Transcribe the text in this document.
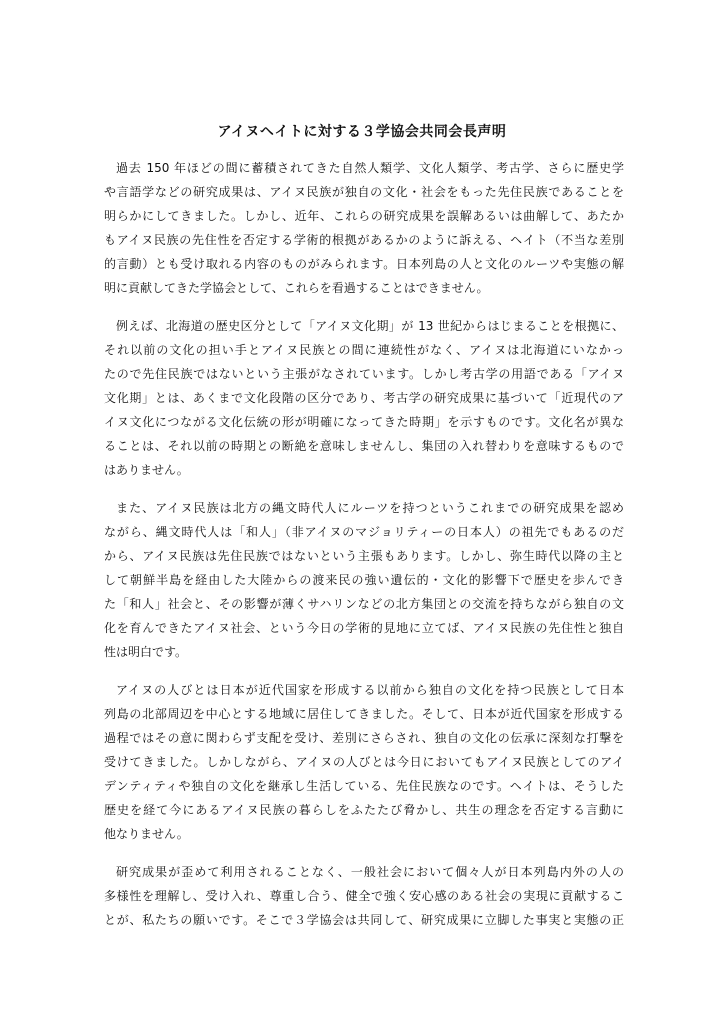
アイヌヘイトに対する３学協会共同会長声明
過去 150 年ほどの間に蓄積されてきた自然人類学、文化人類学、考古学、さらに歴史学
や言語学などの研究成果は、アイヌ民族が独自の文化・社会をもった先住民族であることを
明らかにしてきました。しかし、近年、これらの研究成果を誤解あるいは曲解して、あたか
もアイヌ民族の先住性を否定する学術的根拠があるかのように訴える、ヘイト（不当な差別
的言動）とも受け取れる内容のものがみられます。日本列島の人と文化のルーツや実態の解
明に貢献してきた学協会として、これらを看過することはできません。
例えば、北海道の歴史区分として「アイヌ文化期」が 13 世紀からはじまることを根拠に、
それ以前の文化の担い手とアイヌ民族との間に連続性がなく、アイヌは北海道にいなかっ
たので先住民族ではないという主張がなされています。しかし考古学の用語である「アイヌ
文化期」とは、あくまで文化段階の区分であり、考古学の研究成果に基づいて「近現代のア
イヌ文化につながる文化伝統の形が明確になってきた時期」を示すものです。文化名が異な
ることは、それ以前の時期との断絶を意味しませんし、集団の入れ替わりを意味するもので
はありません。
また、アイヌ民族は北方の縄文時代人にルーツを持つというこれまでの研究成果を認め
ながら、縄文時代人は「和人」（非アイヌのマジョリティーの日本人）の祖先でもあるのだ
から、アイヌ民族は先住民族ではないという主張もあります。しかし、弥生時代以降の主と
して朝鮮半島を経由した大陸からの渡来民の強い遺伝的・文化的影響下で歴史を歩んでき
た「和人」社会と、その影響が薄くサハリンなどの北方集団との交流を持ちながら独自の文
化を育んできたアイヌ社会、という今日の学術的見地に立てば、アイヌ民族の先住性と独自
性は明白です。
アイヌの人びとは日本が近代国家を形成する以前から独自の文化を持つ民族として日本
列島の北部周辺を中心とする地域に居住してきました。そして、日本が近代国家を形成する
過程ではその意に関わらず支配を受け、差別にさらされ、独自の文化の伝承に深刻な打撃を
受けてきました。しかしながら、アイヌの人びとは今日においてもアイヌ民族としてのアイ
デンティティや独自の文化を継承し生活している、先住民族なのです。ヘイトは、そうした
歴史を経て今にあるアイヌ民族の暮らしをふたたび脅かし、共生の理念を否定する言動に
他なりません。
研究成果が歪めて利用されることなく、一般社会において個々人が日本列島内外の人の
多様性を理解し、受け入れ、尊重し合う、健全で強く安心感のある社会の実現に貢献するこ
とが、私たちの願いです。そこで３学協会は共同して、研究成果に立脚した事実と実態の正
